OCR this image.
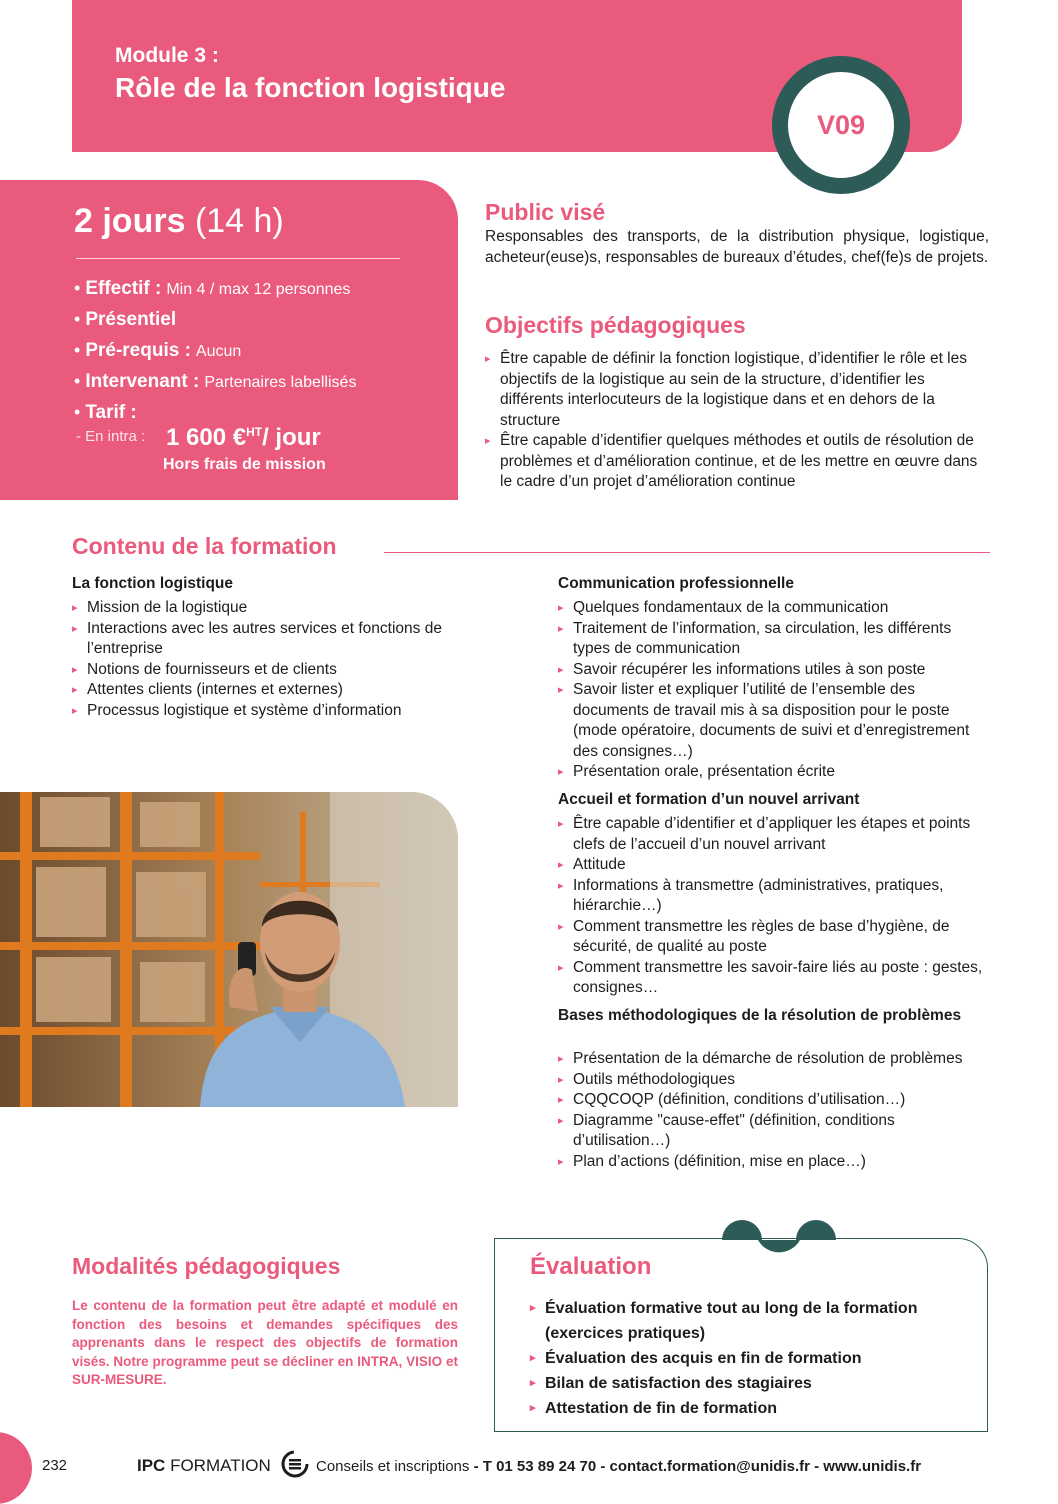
Module 3 :
Rôle de la fonction logistique
V09
2 jours (14 h)
• Effectif : Min 4 / max 12 personnes
• Présentiel
• Pré-requis : Aucun
• Intervenant : Partenaires labellisés
• Tarif :
- En intra : 1 600 €$^{HT}$/ jour
Hors frais de mission
Public visé
Responsables des transports, de la distribution physique, logistique, acheteur(euse)s, responsables de bureaux d’études, chef(fe)s de projets.
Objectifs pédagogiques
▸ Être capable de définir la fonction logistique, d’identifier le rôle et les objectifs de la logistique au sein de la structure, d’identifier les différents interlocuteurs de la logistique dans et en dehors de la structure
▸ Être capable d’identifier quelques méthodes et outils de résolution de problèmes et d’amélioration continue, et de les mettre en œuvre dans le cadre d’un projet d’amélioration continue
Contenu de la formation
La fonction logistique
▸ Mission de la logistique
▸ Interactions avec les autres services et fonctions de l’entreprise
▸ Notions de fournisseurs et de clients
▸ Attentes clients (internes et externes)
▸ Processus logistique et système d’information
Communication professionnelle
▸ Quelques fondamentaux de la communication
▸ Traitement de l’information, sa circulation, les différents types de communication
▸ Savoir récupérer les informations utiles à son poste
▸ Savoir lister et expliquer l’utilité de l’ensemble des documents de travail mis à sa disposition pour le poste (mode opératoire, documents de suivi et d’enregistrement des consignes…)
▸ Présentation orale, présentation écrite
Accueil et formation d’un nouvel arrivant
▸ Être capable d’identifier et d’appliquer les étapes et points clefs de l’accueil d’un nouvel arrivant
▸ Attitude
▸ Informations à transmettre (administratives, pratiques, hiérarchie…)
▸ Comment transmettre les règles de base d’hygiène, de sécurité, de qualité au poste
▸ Comment transmettre les savoir-faire liés au poste : gestes, consignes…
Bases méthodologiques de la résolution de problèmes
▸ Présentation de la démarche de résolution de problèmes
▸ Outils méthodologiques
▸ CQQCOQP (définition, conditions d’utilisation…)
▸ Diagramme "cause-effet" (définition, conditions d’utilisation…)
▸ Plan d’actions (définition, mise en place…)
Modalités pédagogiques
Le contenu de la formation peut être adapté et modulé en fonction des besoins et demandes spécifiques des apprenants dans le respect des objectifs de formation visés. Notre programme peut se décliner en INTRA, VISIO et SUR-MESURE.
Évaluation
▸ Évaluation formative tout au long de la formation (exercices pratiques)
▸ Évaluation des acquis en fin de formation
▸ Bilan de satisfaction des stagiaires
▸ Attestation de fin de formation
232	IPC FORMATION	Conseils et inscriptions - T 01 53 89 24 70 - contact.formation@unidis.fr - www.unidis.fr
